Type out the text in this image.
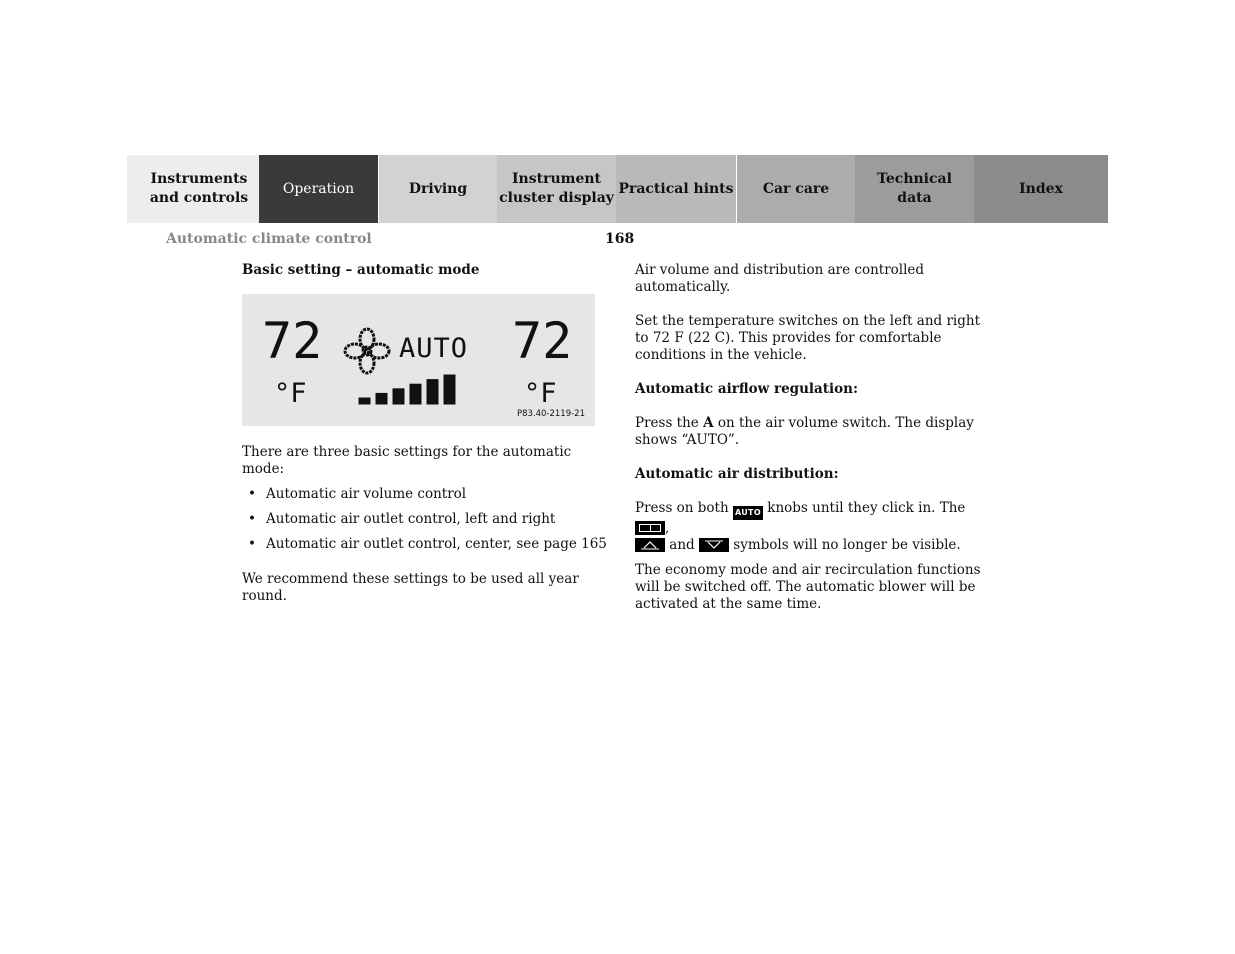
Instruments
and controls
Operation	Driving
Instrument
cluster display
Practical hints	Car care
Technical
data
Index
Automatic climate control	168

Basic setting – automatic mode

72	AUTO 72
°F	°F
P83.40-2119-21

There are three basic settings for the automatic mode:

• Automatic air volume control
• Automatic air outlet control, left and right
• Automatic air outlet control, center, see page 165

We recommend these settings to be used all year round.

Air volume and distribution are controlled automatically.

Set the temperature switches on the left and right to 72 F (22 C). This provides for comfortable conditions in the vehicle.

Automatic airflow regulation:

Press the A on the air volume switch. The display shows “AUTO”.

Automatic air distribution:

Press on both AUTO knobs until they click in. The
,
and  symbols will no longer be visible.

The economy mode and air recirculation functions will be switched off. The automatic blower will be activated at the same time.
